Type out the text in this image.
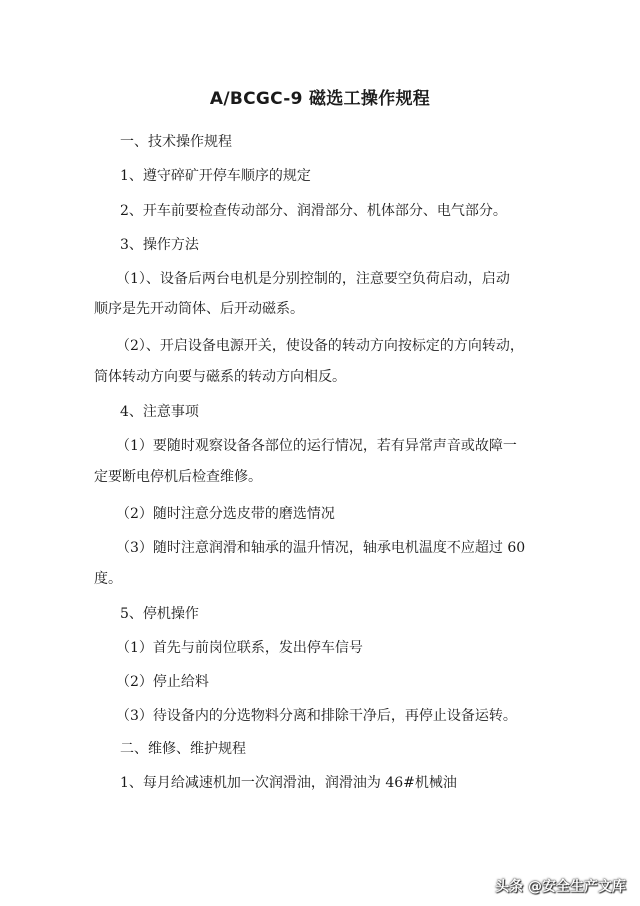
A/BCGC-9 磁选工操作规程
一、技术操作规程
1、遵守碎矿开停车顺序的规定
2、开车前要检查传动部分、润滑部分、机体部分、电气部分。
3、操作方法
（1）、设备后两台电机是分别控制的，注意要空负荷启动，启动
顺序是先开动筒体、后开动磁系。
（2）、开启设备电源开关，使设备的转动方向按标定的方向转动，
筒体转动方向要与磁系的转动方向相反。
4、注意事项
（1）要随时观察设备各部位的运行情况，若有异常声音或故障一
定要断电停机后检查维修。
（2）随时注意分选皮带的磨选情况
（3）随时注意润滑和轴承的温升情况，轴承电机温度不应超过 60
度。
5、停机操作
（1）首先与前岗位联系，发出停车信号
（2）停止给料
（3）待设备内的分选物料分离和排除干净后，再停止设备运转。
二、维修、维护规程
1、每月给减速机加一次润滑油，润滑油为 46#机械油
头条 @安全生产文库
